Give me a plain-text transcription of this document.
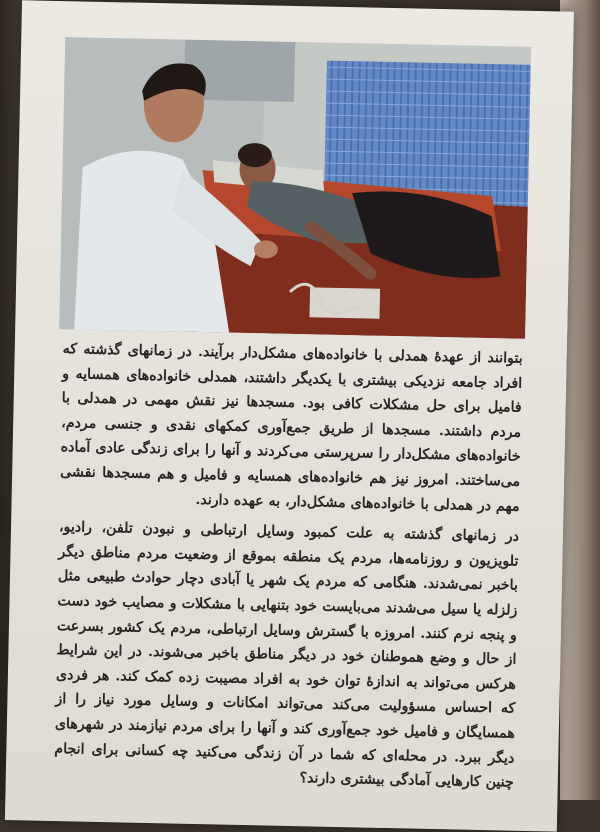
بتوانند از عهدهٔ همدلی با خانواده‌های مشکل‌دار برآیند. در زمانهای گذشته که افراد جامعه نزدیکی بیشتری با یکدیگر داشتند، همدلی خانواده‌های همسایه و فامیل برای حل مشکلات کافی بود. مسجدها نیز نقش مهمی در همدلی با مردم داشتند. مسجدها از طریق جمع‌آوری کمکهای نقدی و جنسی مردم، خانواده‌های مشکل‌دار را سرپرستی می‌کردند و آنها را برای زندگی عادی آماده می‌ساختند. امروز نیز هم خانواده‌های همسایه و فامیل و هم مسجدها نقشی مهم در همدلی با خانواده‌های مشکل‌دار، به عهده دارند.

در زمانهای گذشته به علت کمبود وسایل ارتباطی و نبودن تلفن، رادیو، تلویزیون و روزنامه‌ها، مردم یک منطقه بموقع از وضعیت مردم مناطق دیگر باخبر نمی‌شدند. هنگامی که مردم یک شهر یا آبادی دچار حوادث طبیعی مثل زلزله یا سیل می‌شدند می‌بایست خود بتنهایی با مشکلات و مصایب خود دست و پنجه نرم کنند. امروزه با گسترش وسایل ارتباطی، مردم یک کشور بسرعت از حال و وضع هموطنان خود در دیگر مناطق باخبر می‌شوند. در این شرایط هرکس می‌تواند به اندازهٔ توان خود به افراد مصیبت زده کمک کند. هر فردی که احساس مسؤولیت می‌کند می‌تواند امکانات و وسایل مورد نیاز را از همسایگان و فامیل خود جمع‌آوری کند و آنها را برای مردم نیازمند در شهرهای دیگر ببرد. در محله‌ای که شما در آن زندگی می‌کنید چه کسانی برای انجام چنین کارهایی آمادگی بیشتری دارند؟
